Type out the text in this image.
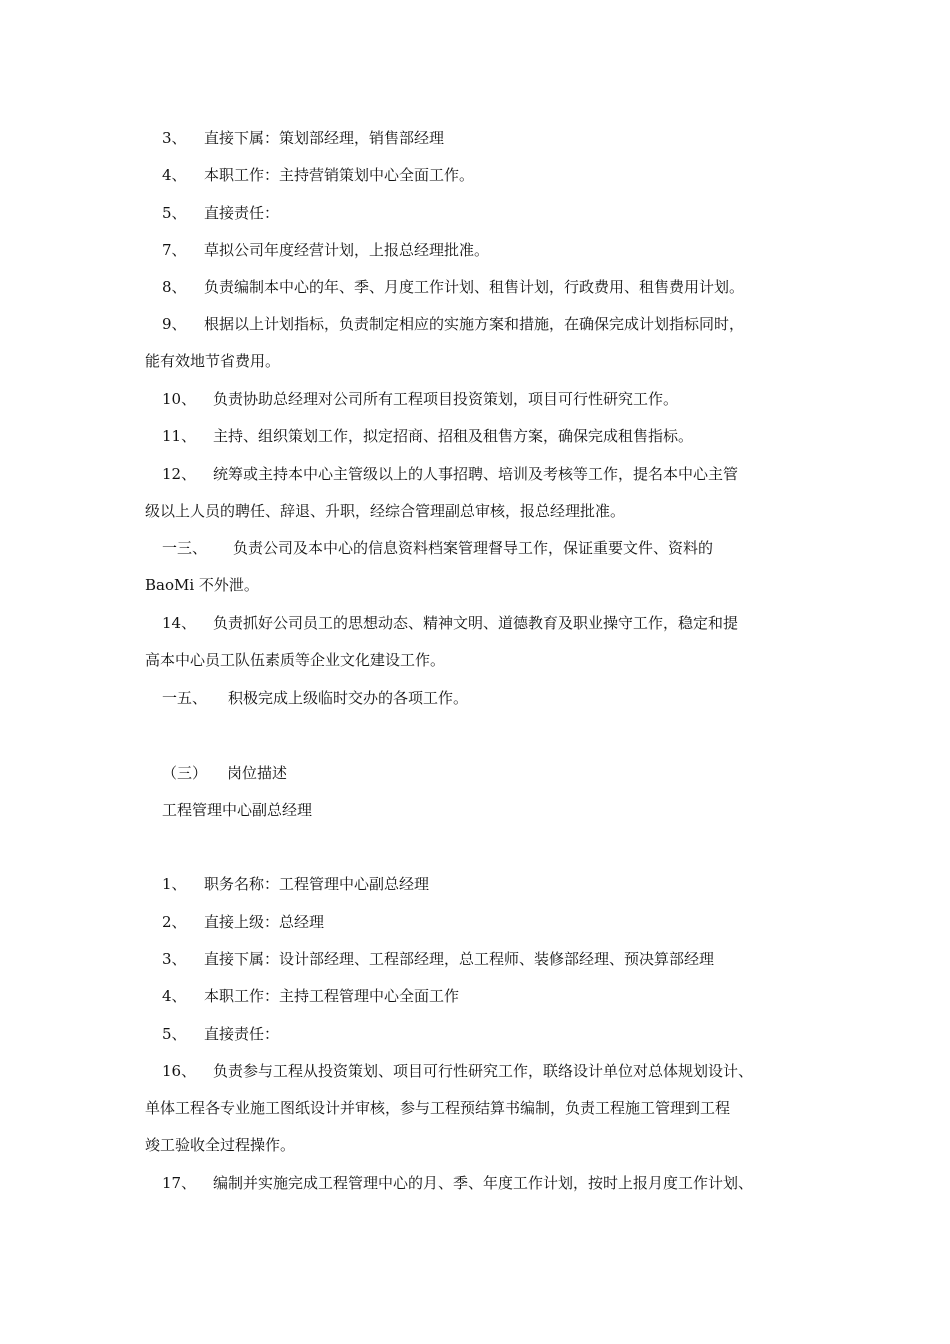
3、 直接下属：策划部经理，销售部经理
4、 本职工作：主持营销策划中心全面工作。
5、 直接责任：
7、 草拟公司年度经营计划，上报总经理批准。
8、 负责编制本中心的年、季、月度工作计划、租售计划，行政费用、租售费用计划。
9、 根据以上计划指标，负责制定相应的实施方案和措施，在确保完成计划指标同时，
能有效地节省费用。
10、 负责协助总经理对公司所有工程项目投资策划，项目可行性研究工作。
11、 主持、组织策划工作，拟定招商、招租及租售方案，确保完成租售指标。
12、 统筹或主持本中心主管级以上的人事招聘、培训及考核等工作，提名本中心主管
级以上人员的聘任、辞退、升职，经综合管理副总审核，报总经理批准。
一三、 负责公司及本中心的信息资料档案管理督导工作，保证重要文件、资料的
BaoMi 不外泄。
14、 负责抓好公司员工的思想动态、精神文明、道德教育及职业操守工作，稳定和提
高本中心员工队伍素质等企业文化建设工作。
一五、 积极完成上级临时交办的各项工作。
（三） 岗位描述
工程管理中心副总经理
1、 职务名称：工程管理中心副总经理
2、 直接上级：总经理
3、 直接下属：设计部经理、工程部经理，总工程师、装修部经理、预决算部经理
4、 本职工作：主持工程管理中心全面工作
5、 直接责任：
16、 负责参与工程从投资策划、项目可行性研究工作，联络设计单位对总体规划设计、
单体工程各专业施工图纸设计并审核，参与工程预结算书编制，负责工程施工管理到工程
竣工验收全过程操作。
17、 编制并实施完成工程管理中心的月、季、年度工作计划，按时上报月度工作计划、
